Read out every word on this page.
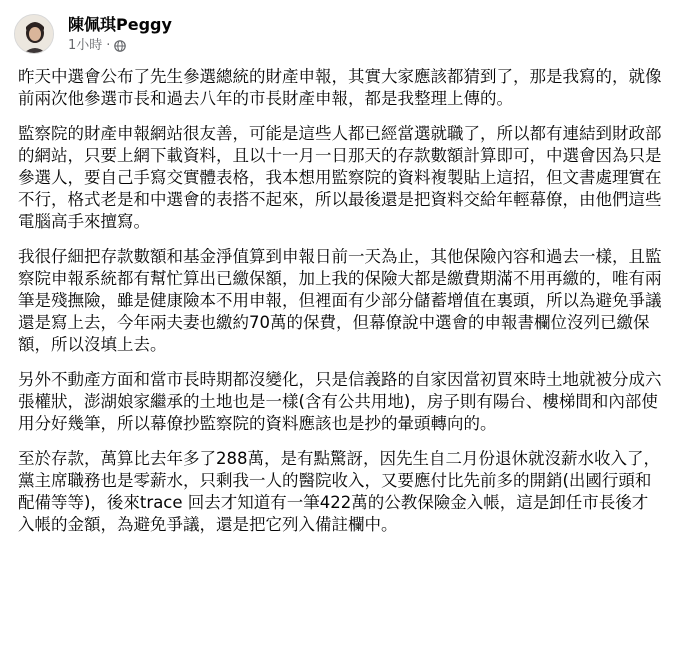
陳佩琪Peggy
1小時 ·

昨天中選會公布了先生參選總統的財產申報，其實大家應該都猜到了，那是我寫的，就像前兩次他參選市長和過去八年的市長財產申報，都是我整理上傳的。

監察院的財產申報網站很友善，可能是這些人都已經當選就職了，所以都有連結到財政部的網站，只要上網下載資料，且以十一月一日那天的存款數額計算即可，中選會因為只是參選人，要自己手寫交實體表格，我本想用監察院的資料複製貼上這招，但文書處理實在不行，格式老是和中選會的表搭不起來，所以最後還是把資料交給年輕幕僚，由他們這些電腦高手來擅寫。

我很仔細把存款數額和基金淨值算到申報日前一天為止，其他保險內容和過去一樣，且監察院申報系統都有幫忙算出已繳保額，加上我的保險大都是繳費期滿不用再繳的，唯有兩筆是殘撫險，雖是健康險本不用申報，但裡面有少部分儲蓄增值在裏頭，所以為避免爭議還是寫上去，今年兩夫妻也繳約70萬的保費，但幕僚說中選會的申報書欄位沒列已繳保額，所以沒填上去。

另外不動產方面和當市長時期都沒變化，只是信義路的自家因當初買來時土地就被分成六張權狀，澎湖娘家繼承的土地也是一樣(含有公共用地)，房子則有陽台、樓梯間和內部使用分好幾筆，所以幕僚抄監察院的資料應該也是抄的暈頭轉向的。

至於存款，萬算比去年多了288萬，是有點驚訝，因先生自二月份退休就沒薪水收入了，黨主席職務也是零薪水，只剩我一人的醫院收入，又要應付比先前多的開銷(出國行頭和配備等等)，後來trace 回去才知道有一筆422萬的公教保險金入帳，這是卸任市長後才入帳的金額，為避免爭議，還是把它列入備註欄中。
